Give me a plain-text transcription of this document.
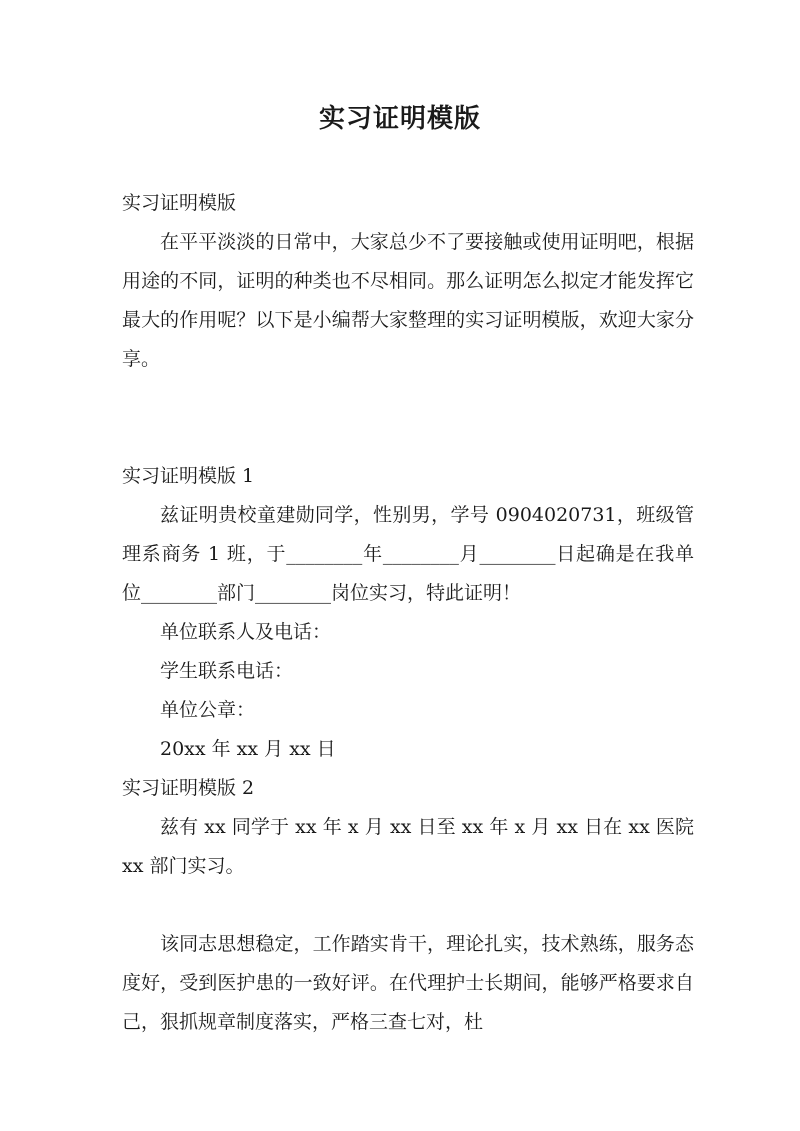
实习证明模版

实习证明模版

在平平淡淡的日常中，大家总少不了要接触或使用证明吧，根据用途的不同，证明的种类也不尽相同。那么证明怎么拟定才能发挥它最大的作用呢？以下是小编帮大家整理的实习证明模版，欢迎大家分享。

实习证明模版 1

兹证明贵校童建勋同学，性别男，学号 0904020731，班级管理系商务 1 班，于________年________月________日起确是在我单位________部门________岗位实习，特此证明！

单位联系人及电话：

学生联系电话：

单位公章：

20xx 年 xx 月 xx 日

实习证明模版 2

兹有 xx 同学于 xx 年 x 月 xx 日至 xx 年 x 月 xx 日在 xx 医院 xx 部门实习。

该同志思想稳定，工作踏实肯干，理论扎实，技术熟练，服务态度好，受到医护患的一致好评。在代理护士长期间，能够严格要求自己，狠抓规章制度落实，严格三查七对，杜
